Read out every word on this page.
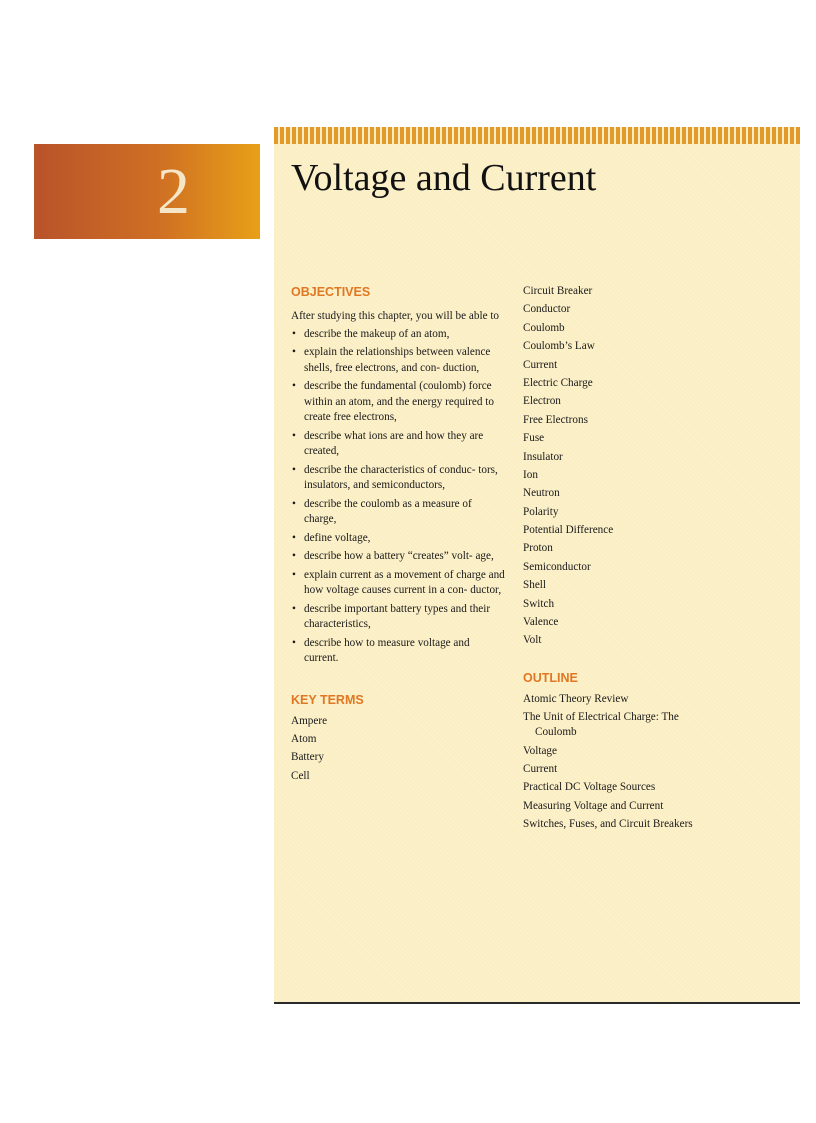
2	Voltage and Current
OBJECTIVES
After studying this chapter, you will be able to
• describe the makeup of an atom,
• explain the relationships between valence shells, free electrons, and con- duction,
• describe the fundamental (coulomb) force within an atom, and the energy required to create free electrons,
• describe what ions are and how they are created,
• describe the characteristics of conduc- tors, insulators, and semiconductors,
• describe the coulomb as a measure of charge,
• define voltage,
• describe how a battery “creates” volt- age,
• explain current as a movement of charge and how voltage causes current in a con- ductor,
• describe important battery types and their characteristics,
• describe how to measure voltage and current.
KEY TERMS
Ampere
Atom
Battery
Cell
Circuit Breaker
Conductor
Coulomb
Coulomb’s Law
Current
Electric Charge
Electron
Free Electrons
Fuse
Insulator
Ion
Neutron
Polarity
Potential Difference
Proton
Semiconductor
Shell
Switch
Valence
Volt
OUTLINE
Atomic Theory Review
The Unit of Electrical Charge: The Coulomb
Voltage
Current
Practical DC Voltage Sources
Measuring Voltage and Current
Switches, Fuses, and Circuit Breakers
